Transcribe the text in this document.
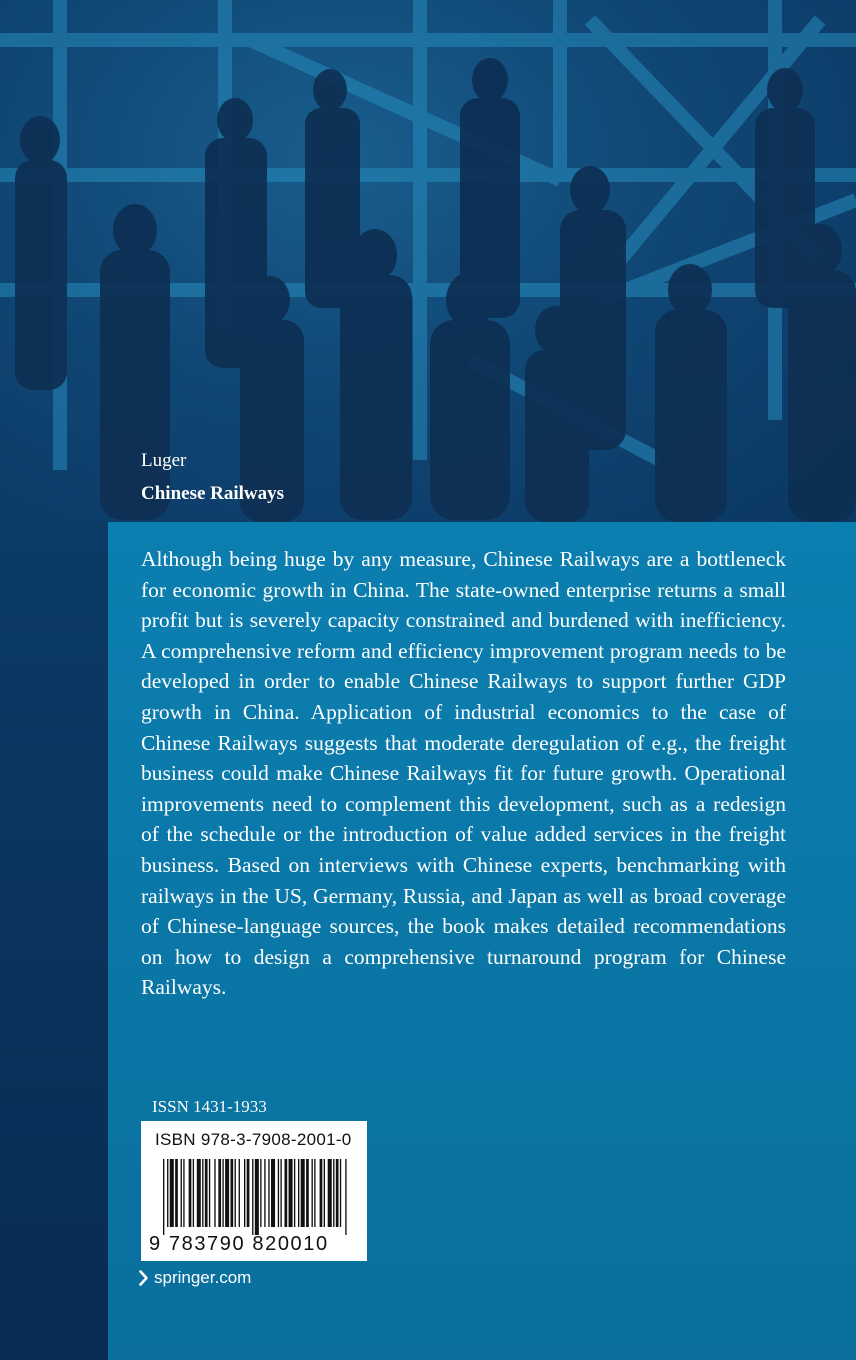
Luger
Chinese Railways
Although being huge by any measure, Chinese Railways are a bottleneck for economic growth in China. The state-owned enterprise returns a small profit but is severely capacity constrained and burdened with inefficiency. A comprehensive reform and efficiency improvement program needs to be developed in order to enable Chinese Railways to support further GDP growth in China. Application of industrial economics to the case of Chinese Railways suggests that moderate deregulation of e.g., the freight business could make Chinese Railways fit for future growth. Operational improvements need to complement this development, such as a redesign of the schedule or the introduction of value added services in the freight business. Based on interviews with Chinese experts, benchmarking with railways in the US, Germany, Russia, and Japan as well as broad coverage of Chinese-language sources, the book makes detailed recommendations on how to design a comprehensive turnaround program for Chinese Railways.
ISSN 1431-1933
ISBN 978-3-7908-2001-0
9 783790 820010
springer.com
